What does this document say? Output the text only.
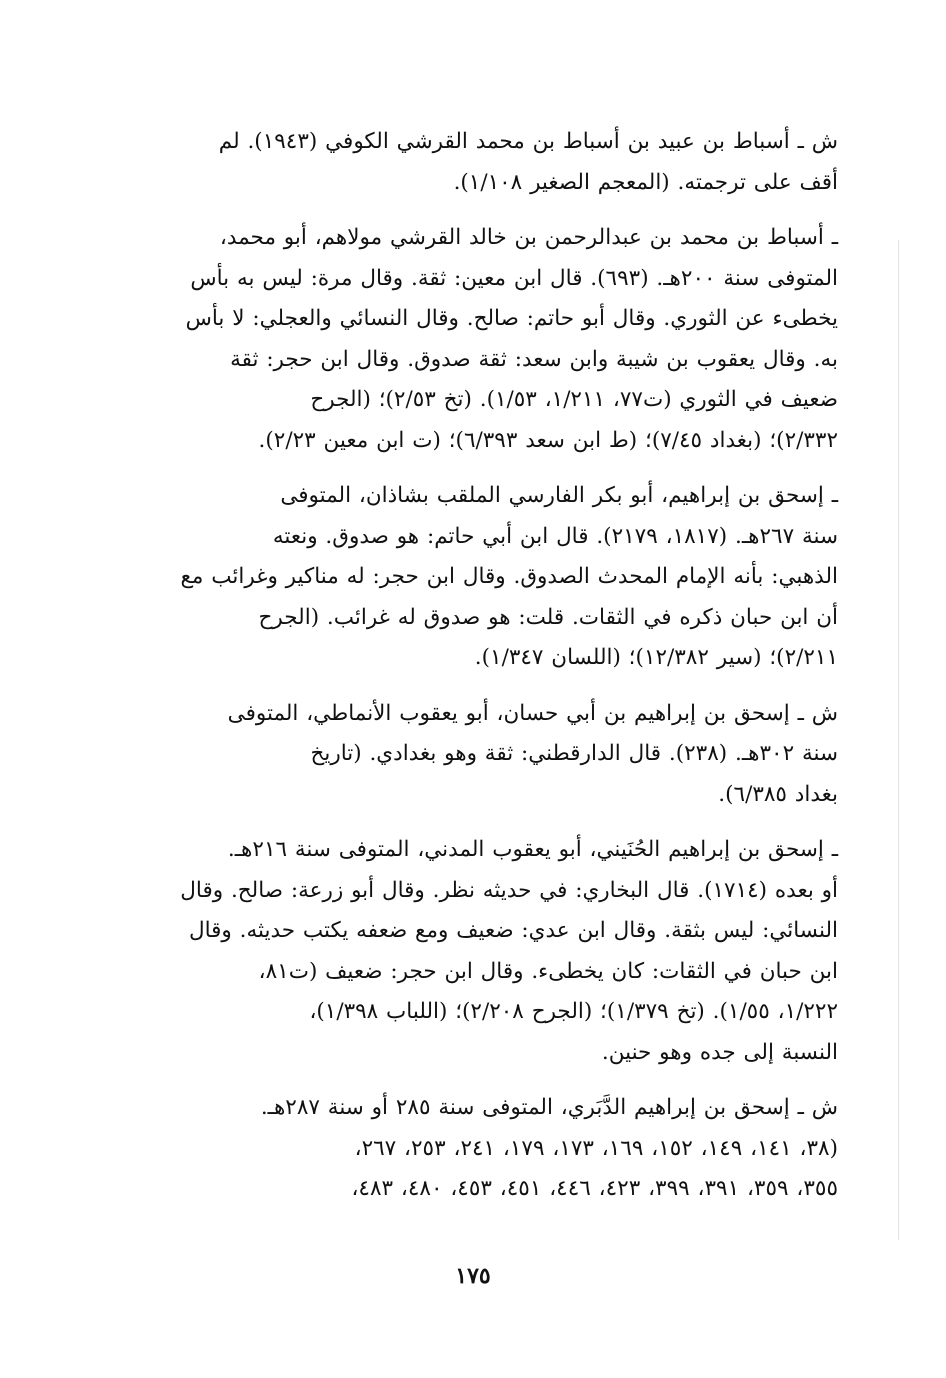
ش ـ أسباط بن عبيد بن أسباط بن محمد القرشي الكوفي (١٩٤٣). لم
أقف على ترجمته. (المعجم الصغير ١/١٠٨).
ـ أسباط بن محمد بن عبدالرحمن بن خالد القرشي مولاهم، أبو محمد،
المتوفى سنة ٢٠٠هـ. (٦٩٣). قال ابن معين: ثقة. وقال مرة: ليس به بأس
يخطىء عن الثوري. وقال أبو حاتم: صالح. وقال النسائي والعجلي: لا بأس
به. وقال يعقوب بن شيبة وابن سعد: ثقة صدوق. وقال ابن حجر: ثقة
ضعيف في الثوري (ت٧٧، ١/٢١١، ١/٥٣). (تخ ٢/٥٣)؛ (الجرح
٢/٣٣٢)؛ (بغداد ٧/٤٥)؛ (ط ابن سعد ٦/٣٩٣)؛ (ت ابن معين ٢/٢٣).
ـ إسحق بن إبراهيم، أبو بكر الفارسي الملقب بشاذان، المتوفى
سنة ٢٦٧هـ. (١٨١٧، ٢١٧٩). قال ابن أبي حاتم: هو صدوق. ونعته
الذهبي: بأنه الإمام المحدث الصدوق. وقال ابن حجر: له مناكير وغرائب مع
أن ابن حبان ذكره في الثقات. قلت: هو صدوق له غرائب. (الجرح
٢/٢١١)؛ (سير ١٢/٣٨٢)؛ (اللسان ١/٣٤٧).
ش ـ إسحق بن إبراهيم بن أبي حسان، أبو يعقوب الأنماطي، المتوفى
سنة ٣٠٢هـ. (٢٣٨). قال الدارقطني: ثقة وهو بغدادي. (تاريخ
بغداد ٦/٣٨٥).
ـ إسحق بن إبراهيم الحُنَيني، أبو يعقوب المدني، المتوفى سنة ٢١٦هـ.
أو بعده (١٧١٤). قال البخاري: في حديثه نظر. وقال أبو زرعة: صالح. وقال
النسائي: ليس بثقة. وقال ابن عدي: ضعيف ومع ضعفه يكتب حديثه. وقال
ابن حبان في الثقات: كان يخطىء. وقال ابن حجر: ضعيف (ت٨١،
١/٢٢٢، ١/٥٥). (تخ ١/٣٧٩)؛ (الجرح ٢/٢٠٨)؛ (اللباب ١/٣٩٨)،
النسبة إلى جده وهو حنين.
ش ـ إسحق بن إبراهيم الدَّبَري، المتوفى سنة ٢٨٥ أو سنة ٢٨٧هـ.
(٣٨، ١٤١، ١٤٩، ١٥٢، ١٦٩، ١٧٣، ١٧٩، ٢٤١، ٢٥٣، ٢٦٧،
٣٥٥، ٣٥٩، ٣٩١، ٣٩٩، ٤٢٣، ٤٤٦، ٤٥١، ٤٥٣، ٤٨٠، ٤٨٣،
١٧٥
